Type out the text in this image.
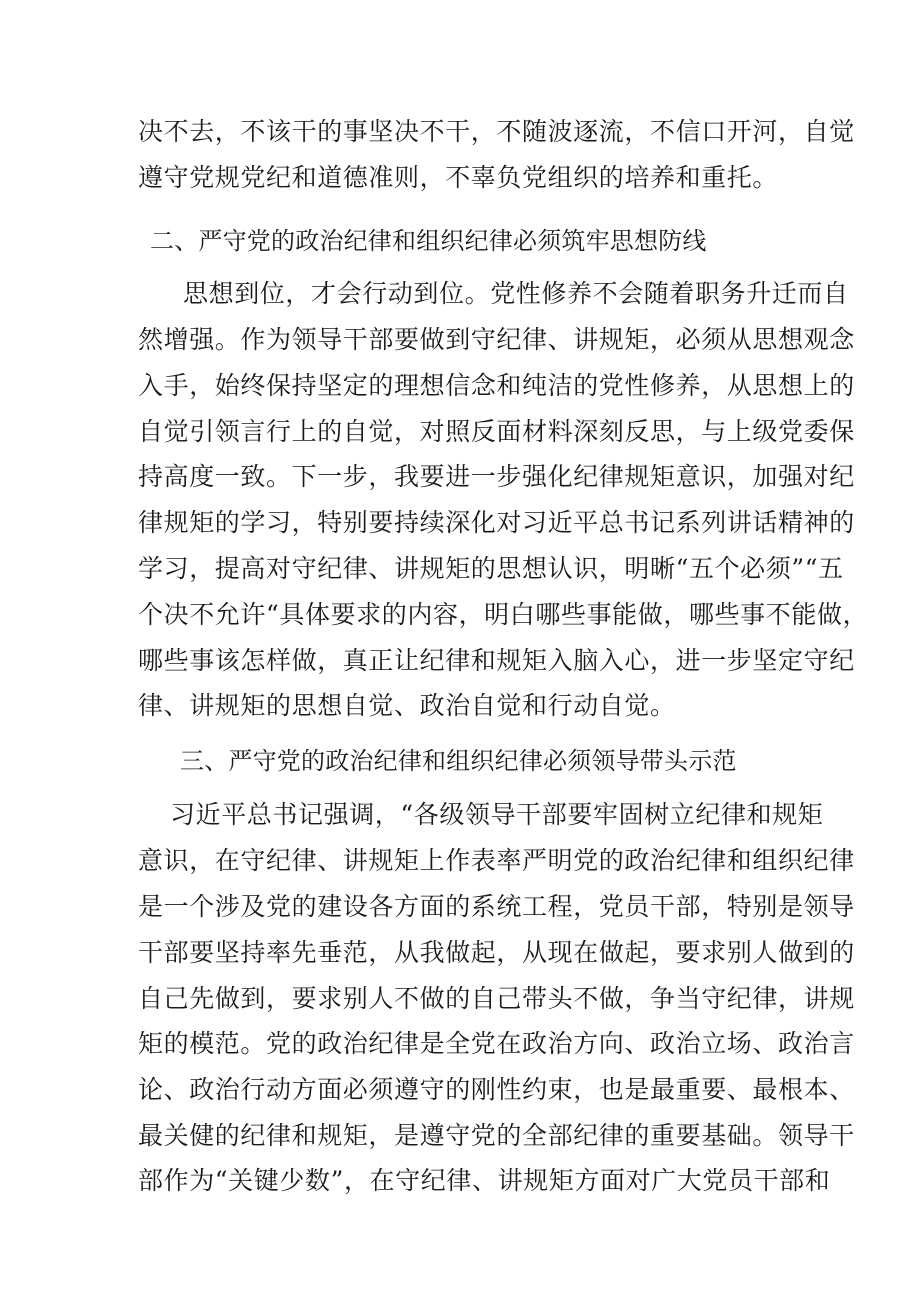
决不去，不该干的事坚决不干，不随波逐流，不信口开河，自觉
遵守党规党纪和道德准则，不辜负党组织的培养和重托。
二、严守党的政治纪律和组织纪律必须筑牢思想防线
思想到位，才会行动到位。党性修养不会随着职务升迁而自
然增强。作为领导干部要做到守纪律、讲规矩，必须从思想观念
入手，始终保持坚定的理想信念和纯洁的党性修养，从思想上的
自觉引领言行上的自觉，对照反面材料深刻反思，与上级党委保
持高度一致。下一步，我要进一步强化纪律规矩意识，加强对纪
律规矩的学习，特别要持续深化对习近平总书记系列讲话精神的
学习，提高对守纪律、讲规矩的思想认识，明晰“五个必须”“五
个决不允许“具体要求的内容，明白哪些事能做，哪些事不能做，
哪些事该怎样做，真正让纪律和规矩入脑入心，进一步坚定守纪
律、讲规矩的思想自觉、政治自觉和行动自觉。
三、严守党的政治纪律和组织纪律必须领导带头示范
习近平总书记强调，“各级领导干部要牢固树立纪律和规矩
意识，在守纪律、讲规矩上作表率严明党的政治纪律和组织纪律
是一个涉及党的建设各方面的系统工程，党员干部，特别是领导
干部要坚持率先垂范，从我做起，从现在做起，要求别人做到的
自己先做到，要求别人不做的自己带头不做，争当守纪律，讲规
矩的模范。党的政治纪律是全党在政治方向、政治立场、政治言
论、政治行动方面必须遵守的刚性约束，也是最重要、最根本、
最关健的纪律和规矩，是遵守党的全部纪律的重要基础。领导干
部作为“关键少数”，在守纪律、讲规矩方面对广大党员干部和
